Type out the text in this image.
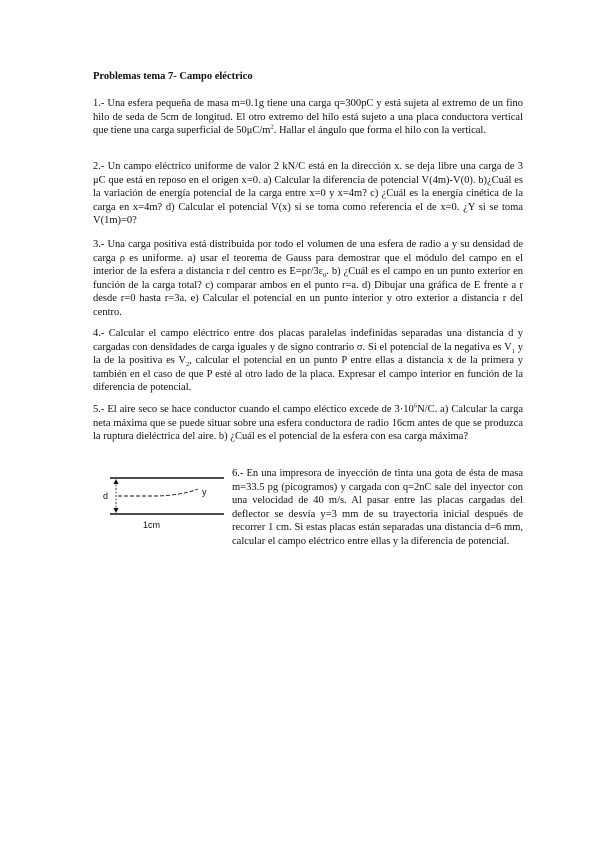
Problemas tema 7- Campo eléctrico

1.- Una esfera pequeña de masa m=0.1g tiene una carga q=300pC y está sujeta al extremo de un fino hilo de seda de 5cm de longitud. El otro extremo del hilo está sujeto a una placa conductora vertical que tiene una carga superficial de $50\mu C/m^2$. Hallar el ángulo que forma el hilo con la vertical.

2.- Un campo eléctrico uniforme de valor 2 kN/C está en la dirección x. se deja libre una carga de 3 μC que está en reposo en el origen x=0. a) Calcular la diferencia de potencial V(4m)-V(0). b)¿Cuál es la variación de energía potencial de la carga entre x=0 y x=4m? c) ¿Cuál es la energía cinética de la carga en x=4m? d) Calcular el potencial V(x) si se toma como referencia el de x=0. ¿Y si se toma V(1m)=0?

3.- Una carga positiva está distribuida por todo el volumen de una esfera de radio a y su densidad de carga ρ es uniforme. a) usar el teorema de Gauss para demostrar que el módulo del campo en el interior de la esfera a distancia r del centro es $E=\rho r/3\varepsilon_0$. b) ¿Cuál es el campo en un punto exterior en función de la carga total? c) comparar ambos en el punto r=a. d) Dibujar una gráfica de E frente a r desde r=0 hasta r=3a. e) Calcular el potencial en un punto interior y otro exterior a distancia r del centro.

4.- Calcular el campo eléctrico entre dos placas paralelas indefinidas separadas una distancia d y cargadas con densidades de carga iguales y de signo contrario σ. Si el potencial de la negativa es $V_1$ y la de la positiva es $V_2$, calcular el potencial en un punto P entre ellas a distancia x de la primera y también en el caso de que P esté al otro lado de la placa. Expresar el campo interior en función de la diferencia de potencial.

5.- El aire seco se hace conductor cuando el campo eléctico excede de $3\cdot 10^6N/C$. a) Calcular la carga neta máxima que se puede situar sobre una esfera conductora de radio 16cm antes de que se produzca la ruptura dieléctrica del aire. b) ¿Cuál es el potencial de la esfera con esa carga máxima?

d	y
1cm

6.- En una impresora de inyección de tinta una gota de ésta de masa m=33.5 pg (picogramos) y cargada con q=2nC sale del inyector con una velocidad de 40 m/s. Al pasar entre las placas cargadas del deflector se desvía y=3 mm de su trayectoria inicial después de recorrer 1 cm. Si estas placas están separadas una distancia d=6 mm, calcular el campo eléctrico entre ellas y la diferencia de potencial.
